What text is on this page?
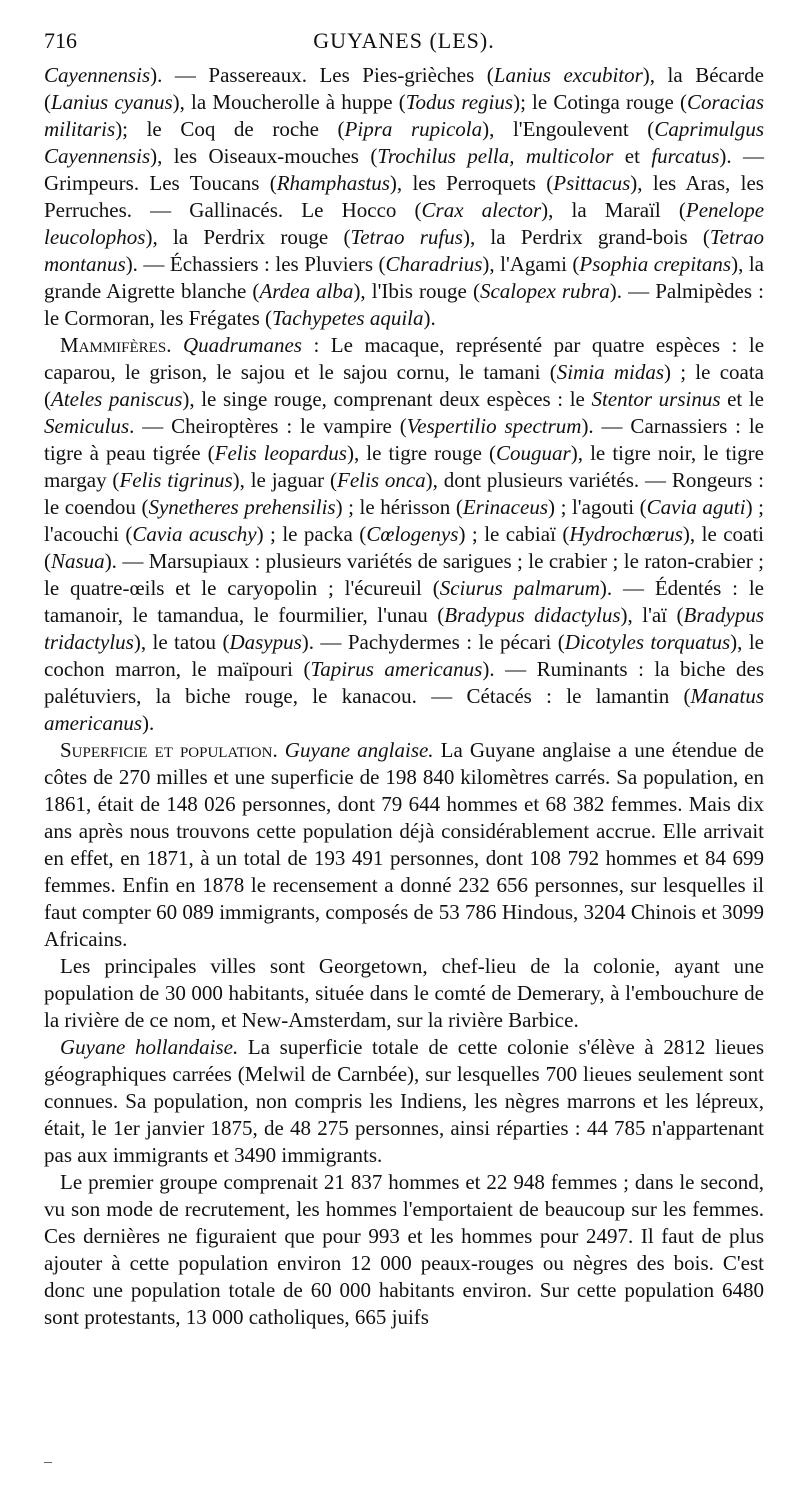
716	GUYANES (LES).

Cayennensis). — Passereaux. Les Pies-grièches (Lanius excubitor), la Bécarde (Lanius cyanus), la Moucherolle à huppe (Todus regius); le Cotinga rouge (Coracias militaris); le Coq de roche (Pipra rupicola), l'Engoulevent (Caprimulgus Cayennensis), les Oiseaux-mouches (Trochilus pella, multicolor et furcatus). — Grimpeurs. Les Toucans (Rhamphastus), les Perroquets (Psittacus), les Aras, les Perruches. — Gallinacés. Le Hocco (Crax alector), la Maraïl (Penelope leucolophos), la Perdrix rouge (Tetrao rufus), la Perdrix grand-bois (Tetrao montanus). — Échassiers : les Pluviers (Charadrius), l'Agami (Psophia crepitans), la grande Aigrette blanche (Ardea alba), l'Ibis rouge (Scalopex rubra). — Palmipèdes : le Cormoran, les Frégates (Tachypetes aquila).

Mammifères. Quadrumanes : Le macaque, représenté par quatre espèces : le caparou, le grison, le sajou et le sajou cornu, le tamani (Simia midas) ; le coata (Ateles paniscus), le singe rouge, comprenant deux espèces : le Stentor ursinus et le Semiculus. — Cheiroptères : le vampire (Vespertilio spectrum). — Carnassiers : le tigre à peau tigrée (Felis leopardus), le tigre rouge (Couguar), le tigre noir, le tigre margay (Felis tigrinus), le jaguar (Felis onca), dont plusieurs variétés. — Rongeurs : le coendou (Synetheres prehensilis) ; le hérisson (Erinaceus) ; l'agouti (Cavia aguti) ; l'acouchi (Cavia acuschy) ; le packa (Cœlogenys) ; le cabiaï (Hydrochœrus), le coati (Nasua). — Marsupiaux : plusieurs variétés de sarigues ; le crabier ; le raton-crabier ; le quatre-œils et le caryopolin ; l'écureuil (Sciurus palmarum). — Édentés : le tamanoir, le tamandua, le fourmilier, l'unau (Bradypus didactylus), l'aï (Bradypus tridactylus), le tatou (Dasypus). — Pachydermes : le pécari (Dicotyles torquatus), le cochon marron, le maïpouri (Tapirus americanus). — Ruminants : la biche des palétuviers, la biche rouge, le kanacou. — Cétacés : le lamantin (Manatus americanus).

Superficie et population. Guyane anglaise. La Guyane anglaise a une étendue de côtes de 270 milles et une superficie de 198 840 kilomètres carrés. Sa population, en 1861, était de 148 026 personnes, dont 79 644 hommes et 68 382 femmes. Mais dix ans après nous trouvons cette population déjà considérablement accrue. Elle arrivait en effet, en 1871, à un total de 193 491 personnes, dont 108 792 hommes et 84 699 femmes. Enfin en 1878 le recensement a donné 232 656 personnes, sur lesquelles il faut compter 60 089 immigrants, composés de 53 786 Hindous, 3204 Chinois et 3099 Africains.

Les principales villes sont Georgetown, chef-lieu de la colonie, ayant une population de 30 000 habitants, située dans le comté de Demerary, à l'embouchure de la rivière de ce nom, et New-Amsterdam, sur la rivière Barbice.

Guyane hollandaise. La superficie totale de cette colonie s'élève à 2812 lieues géographiques carrées (Melwil de Carnbée), sur lesquelles 700 lieues seulement sont connues. Sa population, non compris les Indiens, les nègres marrons et les lépreux, était, le 1er janvier 1875, de 48 275 personnes, ainsi réparties : 44 785 n'appartenant pas aux immigrants et 3490 immigrants.

Le premier groupe comprenait 21 837 hommes et 22 948 femmes ; dans le second, vu son mode de recrutement, les hommes l'emportaient de beaucoup sur les femmes. Ces dernières ne figuraient que pour 993 et les hommes pour 2497. Il faut de plus ajouter à cette population environ 12 000 peaux-rouges ou nègres des bois. C'est donc une population totale de 60 000 habitants environ. Sur cette population 6480 sont protestants, 13 000 catholiques, 665 juifs
